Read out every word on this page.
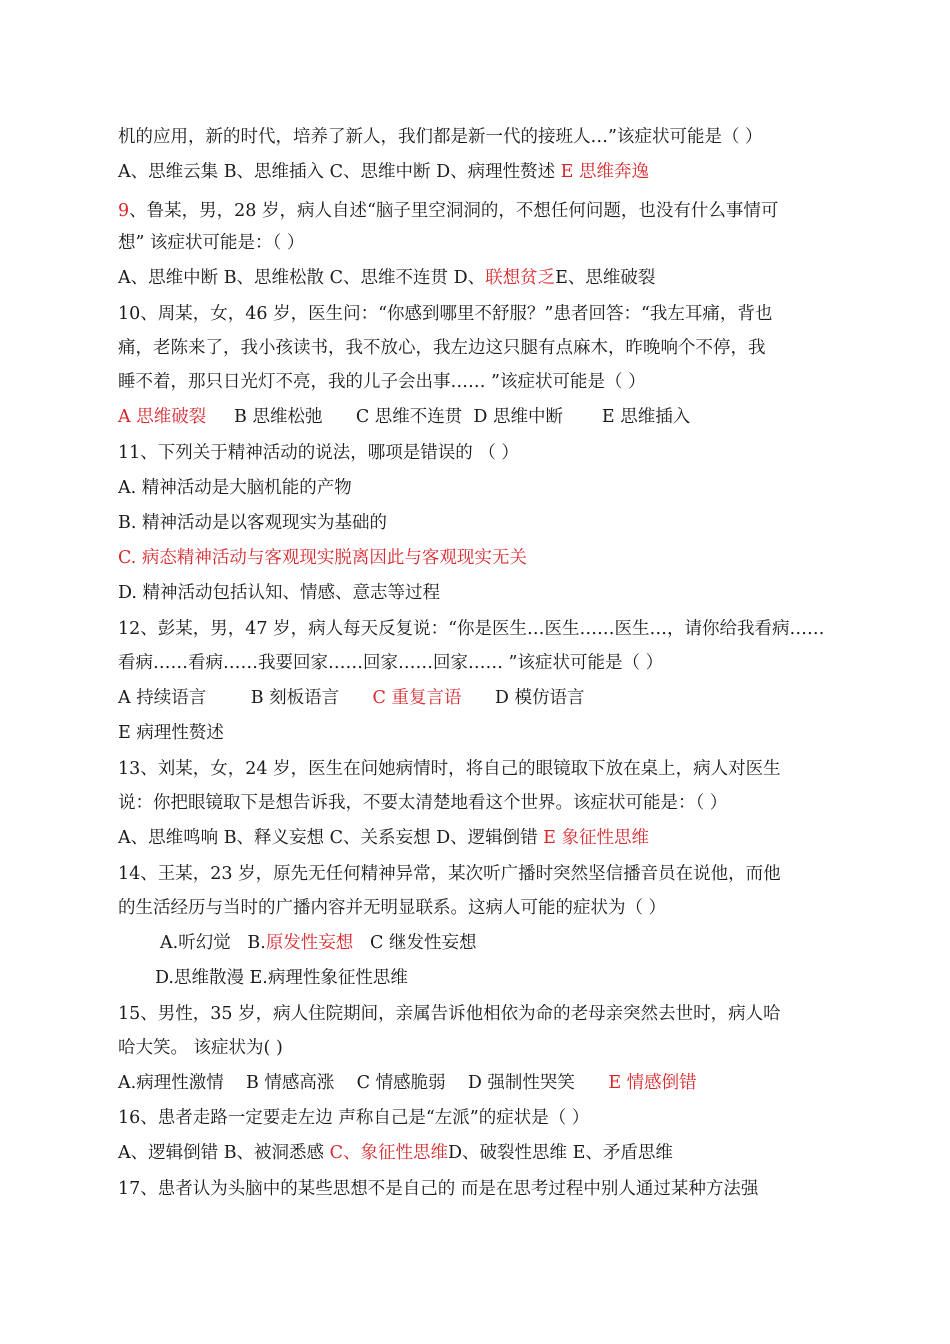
机的应用，新的时代，培养了新人，我们都是新一代的接班人…”该症状可能是（ ）
A、思维云集 B、思维插入 C、思维中断 D、病理性赘述 E 思维奔逸
9、鲁某，男，28 岁，病人自述“脑子里空洞洞的，不想任何问题，也没有什么事情可
想” 该症状可能是：（ ）
A、思维中断 B、思维松散 C、思维不连贯 D、联想贫乏E、思维破裂
10、周某，女，46 岁，医生问：“你感到哪里不舒服？”患者回答：“我左耳痛，背也
痛，老陈来了，我小孩读书，我不放心，我左边这只腿有点麻木，昨晚响个不停，我
睡不着，那只日光灯不亮，我的儿子会出事…… ”该症状可能是（ ）
A 思维破裂     B 思维松弛      C 思维不连贯  D 思维中断       E 思维插入
11、下列关于精神活动的说法，哪项是错误的 （ ）
A. 精神活动是大脑机能的产物
B. 精神活动是以客观现实为基础的
C. 病态精神活动与客观现实脱离因此与客观现实无关
D. 精神活动包括认知、情感、意志等过程
12、彭某，男，47 岁，病人每天反复说：“你是医生…医生……医生…，请你给我看病……
看病……看病……我要回家……回家……回家…… ”该症状可能是（ ）
A 持续语言        B 刻板语言      C 重复言语      D 模仿语言
E 病理性赘述
13、刘某，女，24 岁，医生在问她病情时，将自己的眼镜取下放在桌上，病人对医生
说：你把眼镜取下是想告诉我，不要太清楚地看这个世界。该症状可能是：（ ）
A、思维鸣响 B、释义妄想 C、关系妄想 D、逻辑倒错 E 象征性思维
14、王某，23 岁，原先无任何精神异常，某次听广播时突然坚信播音员在说他，而他
的生活经历与当时的广播内容并无明显联系。这病人可能的症状为（ ）
A.听幻觉   B.原发性妄想   C 继发性妄想
D.思维散漫 E.病理性象征性思维
15、男性，35 岁，病人住院期间，亲属告诉他相依为命的老母亲突然去世时，病人哈
哈大笑。 该症状为( )
A.病理性激情    B 情感高涨    C 情感脆弱    D 强制性哭笑      E 情感倒错
16、患者走路一定要走左边 声称自己是“左派”的症状是（ ）
A、逻辑倒错 B、被洞悉感 C、象征性思维D、破裂性思维 E、矛盾思维
17、患者认为头脑中的某些思想不是自己的 而是在思考过程中别人通过某种方法强
